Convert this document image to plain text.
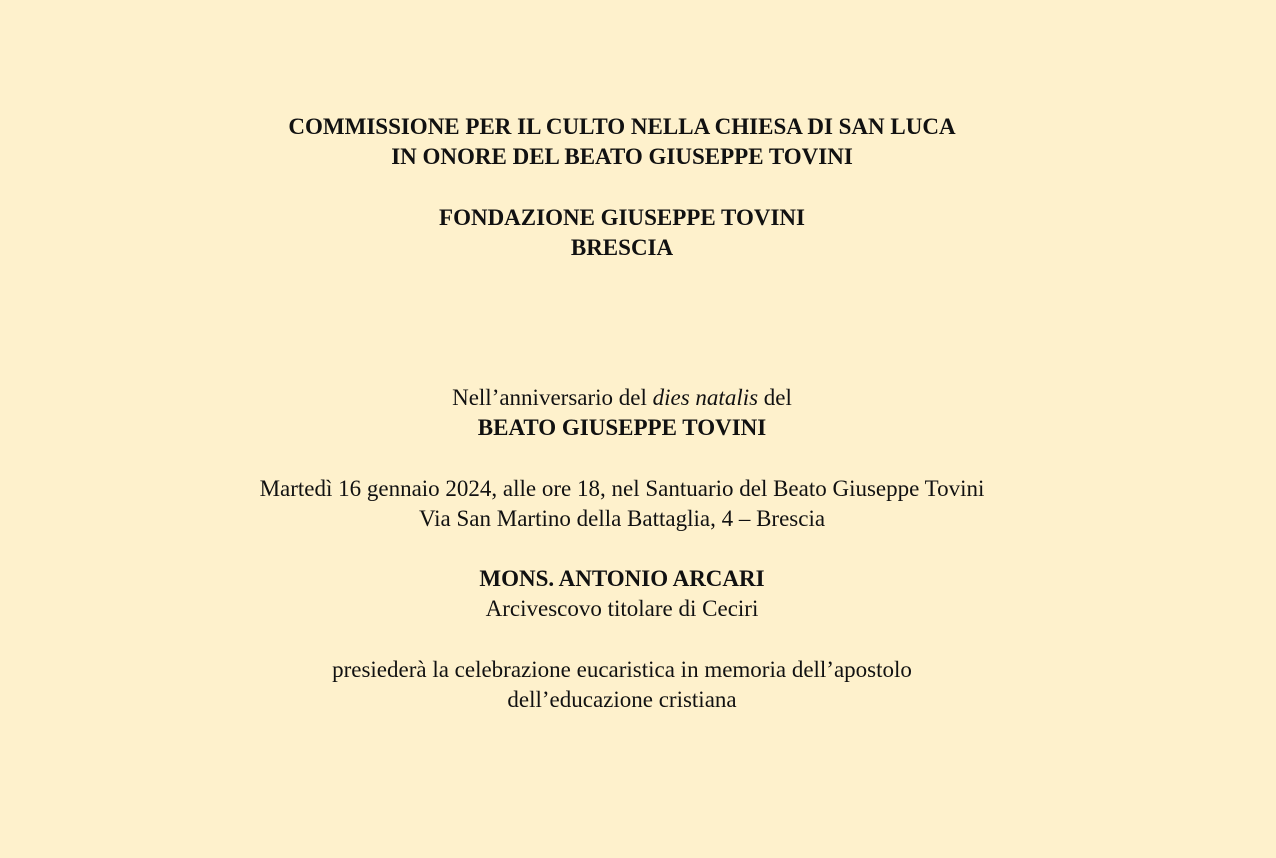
COMMISSIONE PER IL CULTO NELLA CHIESA DI SAN LUCA
IN ONORE DEL BEATO GIUSEPPE TOVINI
FONDAZIONE GIUSEPPE TOVINI
BRESCIA
Nell’anniversario del dies natalis del
BEATO GIUSEPPE TOVINI
Martedì 16 gennaio 2024, alle ore 18, nel Santuario del Beato Giuseppe Tovini
Via San Martino della Battaglia, 4 – Brescia
MONS. ANTONIO ARCARI
Arcivescovo titolare di Ceciri
presiederà la celebrazione eucaristica in memoria dell’apostolo
dell’educazione cristiana
